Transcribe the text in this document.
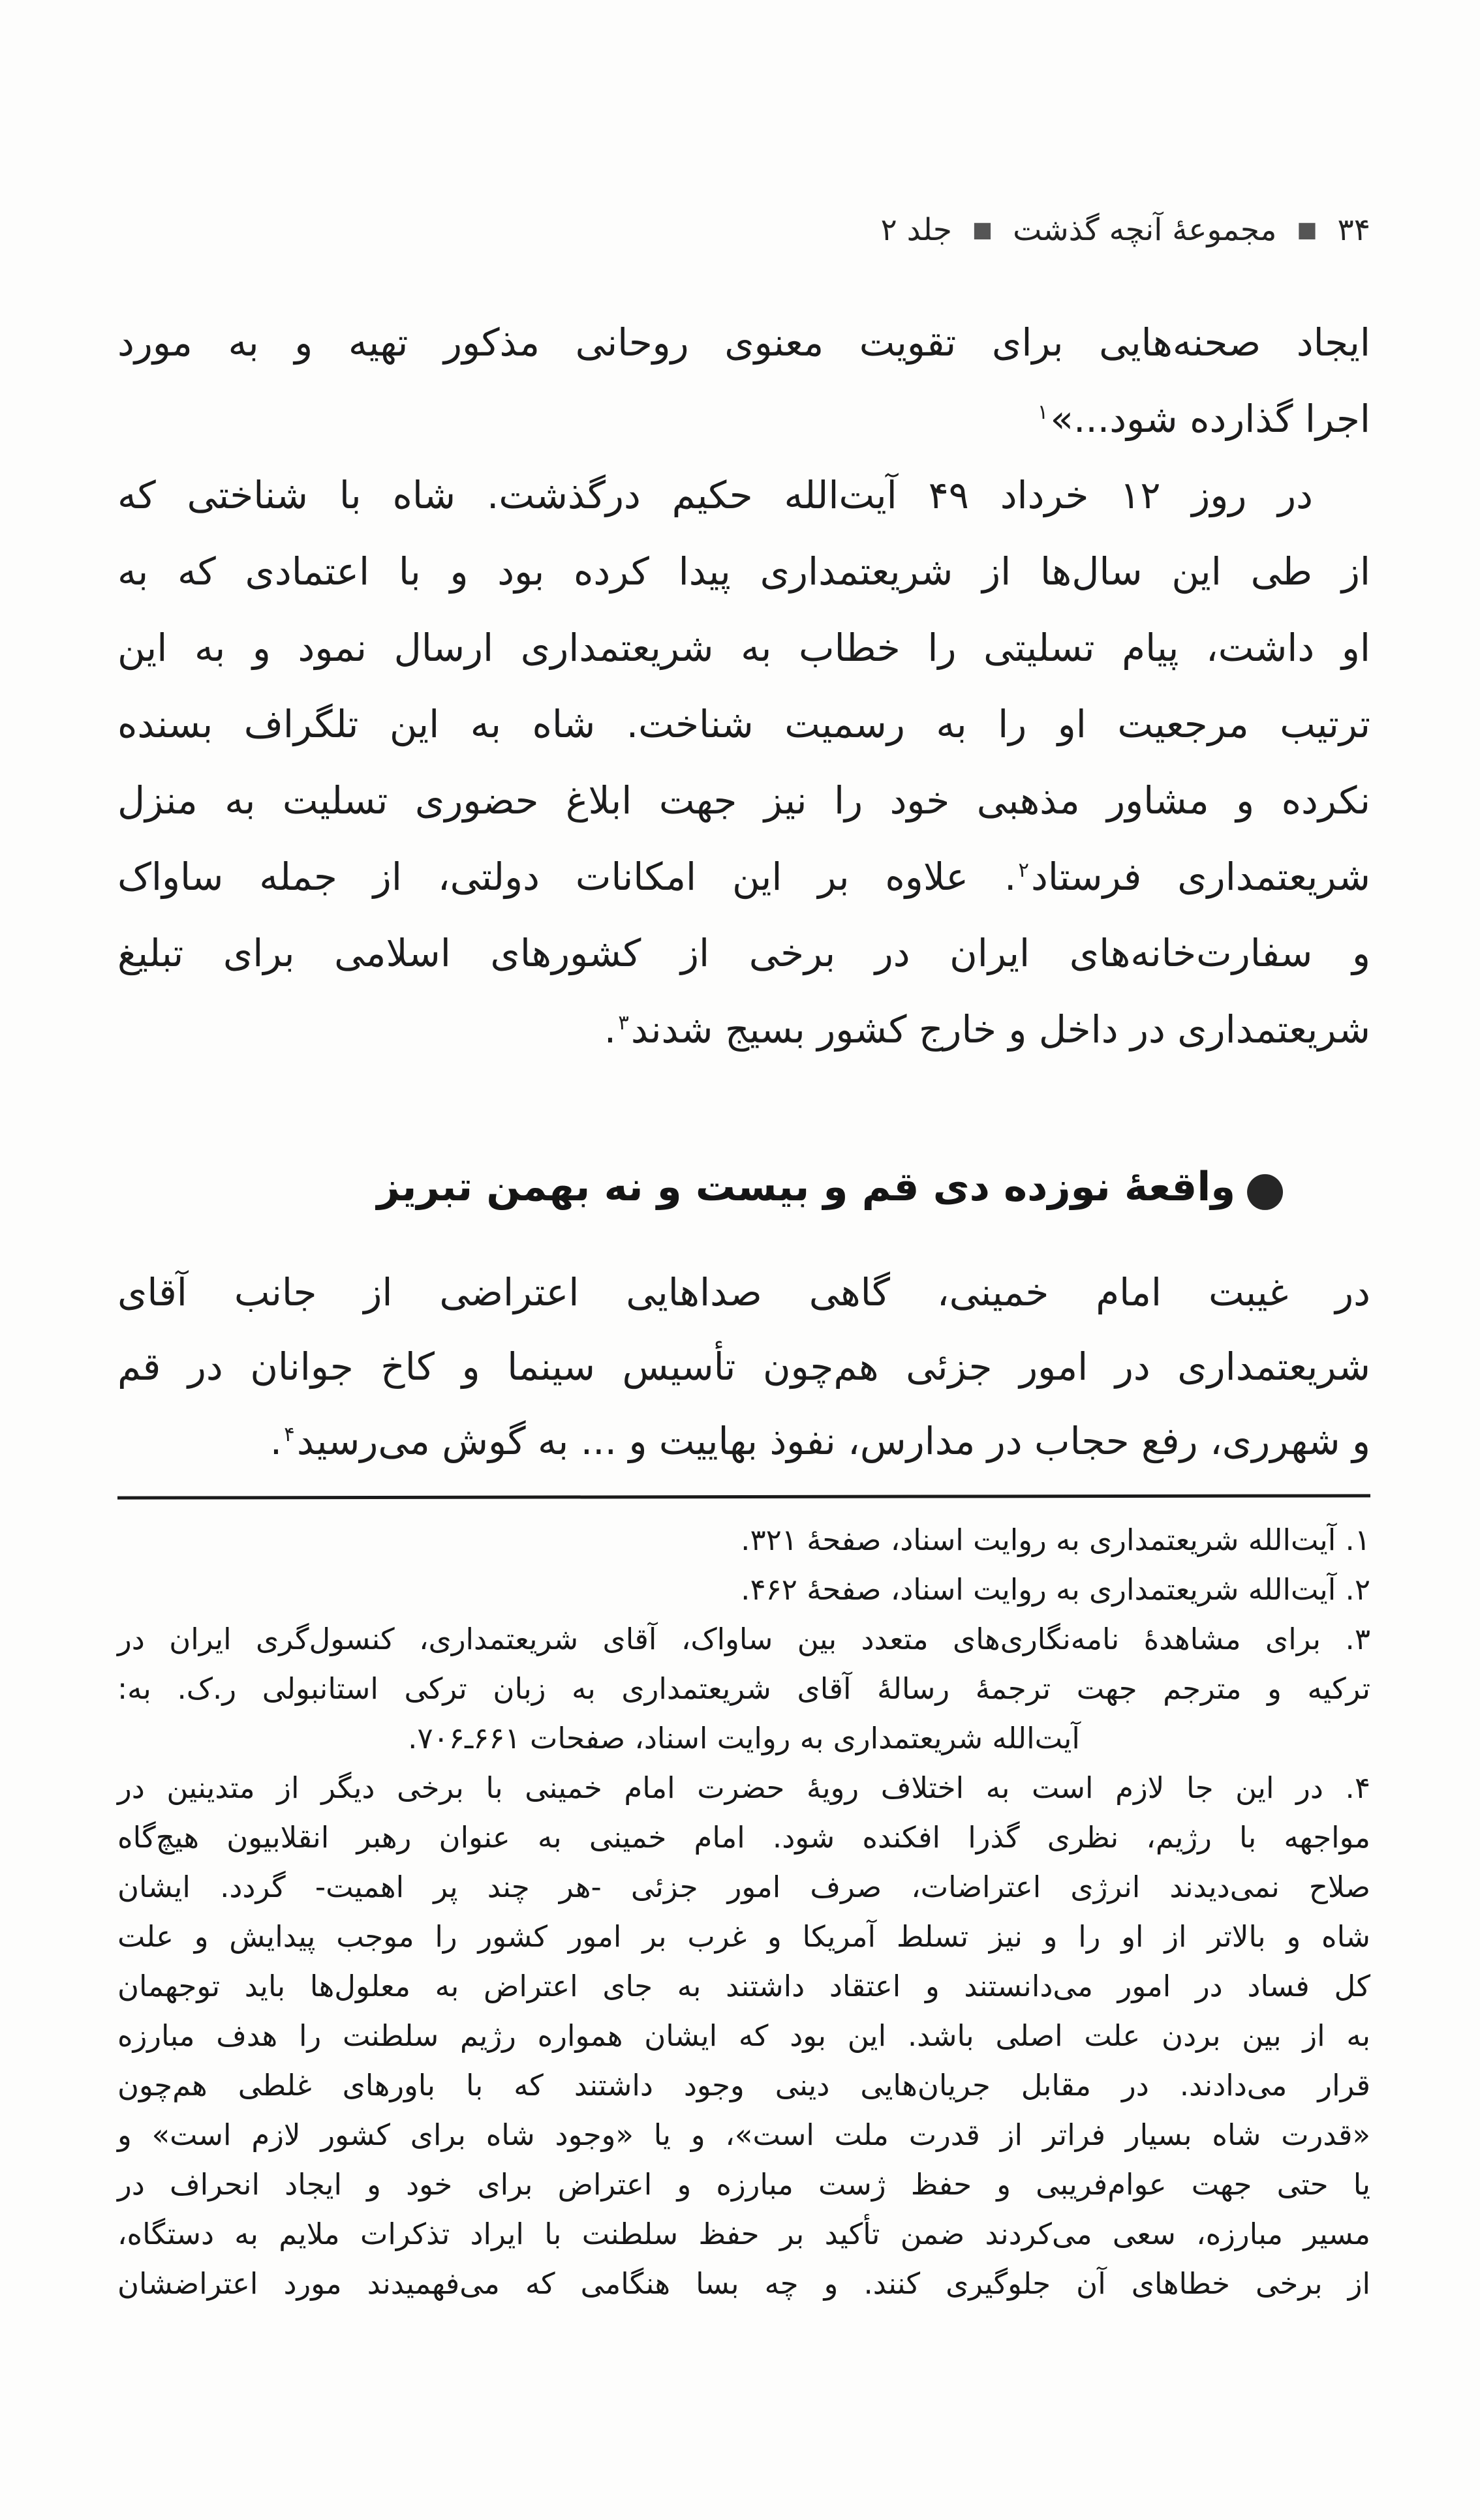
۳۴ ■ مجموعهٔ آنچه گذشت ■ جلد ۲

ایجاد صحنه‌هایی برای تقویت معنوی روحانی مذکور تهیه و به مورد
اجرا گذارده شود...»$^۱$

در روز ۱۲ خرداد ۴۹ آیت‌الله حکیم درگذشت. شاه با شناختی که
از طی این سال‌ها از شریعتمداری پیدا کرده بود و با اعتمادی که به
او داشت، پیام تسلیتی را خطاب به شریعتمداری ارسال نمود و به این
ترتیب مرجعیت او را به رسمیت شناخت. شاه به این تلگراف بسنده
نکرده و مشاور مذهبی خود را نیز جهت ابلاغ حضوری تسلیت به منزل
شریعتمداری فرستاد$^۲$. علاوه بر این امکانات دولتی، از جمله ساواک
و سفارت‌خانه‌های ایران در برخی از کشورهای اسلامی برای تبلیغ
شریعتمداری در داخل و خارج کشور بسیج شدند$^۳$.

●واقعهٔ نوزده دی قم و بیست و نه بهمن تبریز

در غیبت امام خمینی، گاهی صداهایی اعتراضی از جانب آقای
شریعتمداری در امور جزئی هم‌چون تأسیس سینما و کاخ جوانان در قم
و شهرری، رفع حجاب در مدارس، نفوذ بهاییت و ... به گوش می‌رسید$^۴$.

۱. آیت‌الله شریعتمداری به روایت اسناد، صفحهٔ ۳۲۱.
۲. آیت‌الله شریعتمداری به روایت اسناد، صفحهٔ ۴۶۲.
۳. برای مشاهدهٔ نامه‌نگاری‌های متعدد بین ساواک، آقای شریعتمداری، کنسول‌گری ایران در
ترکیه و مترجم جهت ترجمهٔ رسالهٔ آقای شریعتمداری به زبان ترکی استانبولی ر.ک. به:
آیت‌الله شریعتمداری به روایت اسناد، صفحات ۶۶۱ـ۷۰۶.
۴. در این جا لازم است به اختلاف رویهٔ حضرت امام خمینی با برخی دیگر از متدینین در
مواجهه با رژیم، نظری گذرا افکنده شود. امام خمینی به عنوان رهبر انقلابیون هیچ‌گاه
صلاح نمی‌دیدند انرژی اعتراضات، صرف امور جزئی -هر چند پر اهمیت- گردد. ایشان
شاه و بالاتر از او را و نیز تسلط آمریکا و غرب بر امور کشور را موجب پیدایش و علت
کل فساد در امور می‌دانستند و اعتقاد داشتند به جای اعتراض به معلول‌ها باید توجهمان
به از بین بردن علت اصلی باشد. این بود که ایشان همواره رژیم سلطنت را هدف مبارزه
قرار می‌دادند. در مقابل جریان‌هایی دینی وجود داشتند که با باورهای غلطی هم‌چون
«قدرت شاه بسیار فراتر از قدرت ملت است»، و یا «وجود شاه برای کشور لازم است» و
یا حتی جهت عوام‌فریبی و حفظ ژست مبارزه و اعتراض برای خود و ایجاد انحراف در
مسیر مبارزه، سعی می‌کردند ضمن تأکید بر حفظ سلطنت با ایراد تذکرات ملایم به دستگاه،
از برخی خطاهای آن جلوگیری کنند. و چه بسا هنگامی که می‌فهمیدند مورد اعتراضشان
